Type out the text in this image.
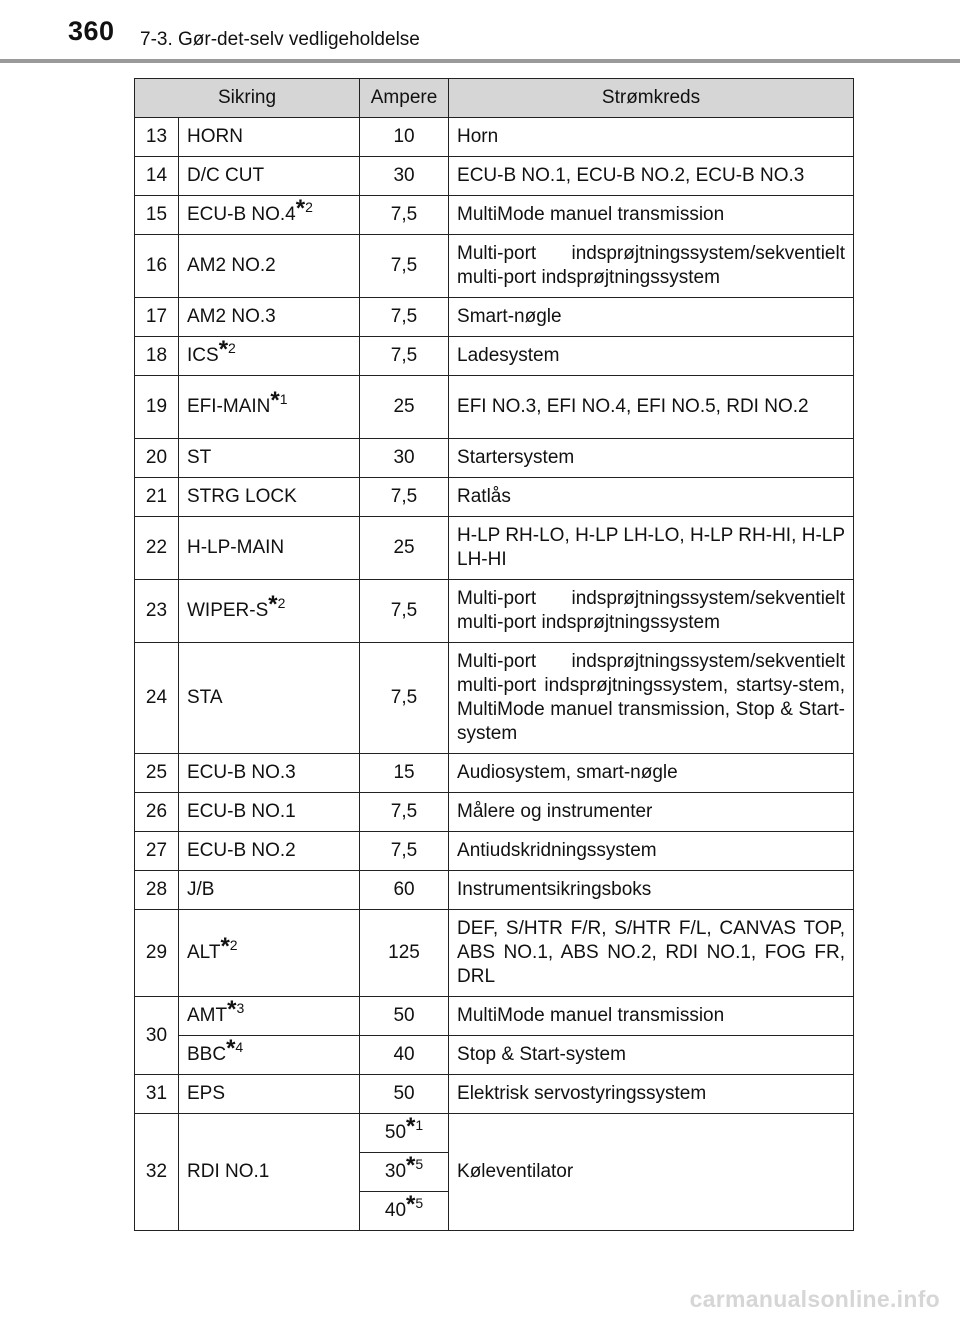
360 7-3. Gør-det-selv vedligeholdelse
Sikring		Ampere	Strømkreds
13	HORN	10	Horn
14	D/C CUT	30	ECU-B NO.1, ECU-B NO.2, ECU-B NO.3
15	ECU-B NO.4*$^2$	7,5	MultiMode manuel transmission
16	AM2 NO.2	7,5	Multi-port indsprøjtningssystem/sekventielt multi-port indsprøjtningssystem
17	AM2 NO.3	7,5	Smart-nøgle
18	ICS*$^2$	7,5	Ladesystem
19	EFI-MAIN*$^1$	25	EFI NO.3, EFI NO.4, EFI NO.5, RDI NO.2
20	ST	30	Startersystem
21	STRG LOCK	7,5	Ratlås
22	H-LP-MAIN	25	H-LP RH-LO, H-LP LH-LO, H-LP RH-HI, H-LP LH-HI
23	WIPER-S*$^2$	7,5	Multi-port indsprøjtningssystem/sekventielt multi-port indsprøjtningssystem
24	STA	7,5	Multi-port indsprøjtningssystem/sekventielt multi-port indsprøjtningssystem, startsy-stem, MultiMode manuel transmission, Stop & Start-system
25	ECU-B NO.3	15	Audiosystem, smart-nøgle
26	ECU-B NO.1	7,5	Målere og instrumenter
27	ECU-B NO.2	7,5	Antiudskridningssystem
28	J/B	60	Instrumentsikringsboks
29	ALT*$^2$	125	DEF, S/HTR F/R, S/HTR F/L, CANVAS TOP, ABS NO.1, ABS NO.2, RDI NO.1, FOG FR, DRL
30	AMT*$^3$	50	MultiMode manuel transmission
	BBC*$^4$	40	Stop & Start-system
31	EPS	50	Elektrisk servostyringssystem
32	RDI NO.1	50*$^1$	Køleventilator
		30*$^5$
		40*$^5$
carmanualsonline.info
